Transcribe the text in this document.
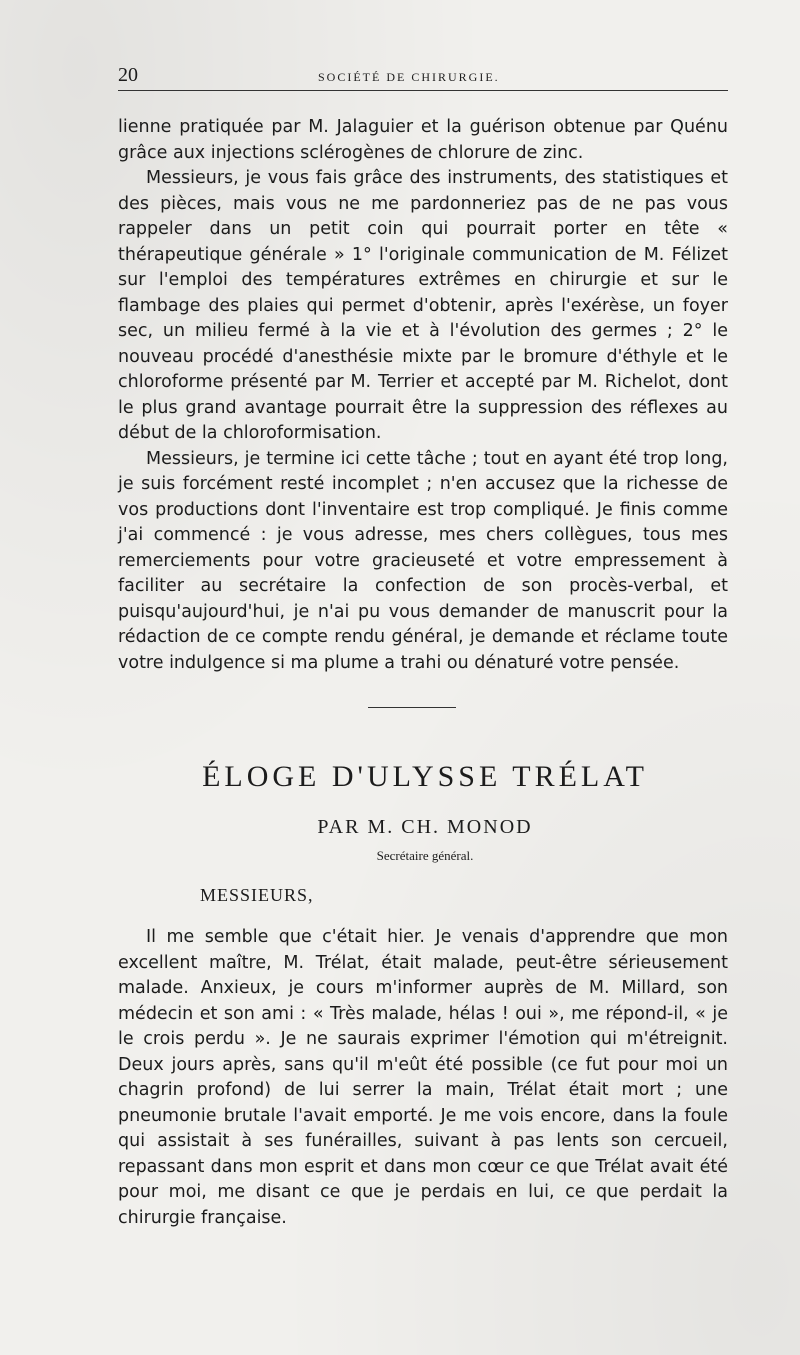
20	SOCIÉTÉ DE CHIRURGIE.

lienne pratiquée par M. Jalaguier et la guérison obtenue par Quénu grâce aux injections sclérogènes de chlorure de zinc.

Messieurs, je vous fais grâce des instruments, des statistiques et des pièces, mais vous ne me pardonneriez pas de ne pas vous rappeler dans un petit coin qui pourrait porter en tête « thérapeutique générale » 1° l'originale communication de M. Félizet sur l'emploi des températures extrêmes en chirurgie et sur le flambage des plaies qui permet d'obtenir, après l'exérèse, un foyer sec, un milieu fermé à la vie et à l'évolution des germes ; 2° le nouveau procédé d'anesthésie mixte par le bromure d'éthyle et le chloroforme présenté par M. Terrier et accepté par M. Richelot, dont le plus grand avantage pourrait être la suppression des réflexes au début de la chloroformisation.

Messieurs, je termine ici cette tâche ; tout en ayant été trop long, je suis forcément resté incomplet ; n'en accusez que la richesse de vos productions dont l'inventaire est trop compliqué. Je finis comme j'ai commencé : je vous adresse, mes chers collègues, tous mes remerciements pour votre gracieuseté et votre empressement à faciliter au secrétaire la confection de son procès-verbal, et puisqu'aujourd'hui, je n'ai pu vous demander de manuscrit pour la rédaction de ce compte rendu général, je demande et réclame toute votre indulgence si ma plume a trahi ou dénaturé votre pensée.

ÉLOGE D'ULYSSE TRÉLAT
PAR M. CH. MONOD
Secrétaire général.
MESSIEURS,

Il me semble que c'était hier. Je venais d'apprendre que mon excellent maître, M. Trélat, était malade, peut-être sérieusement malade. Anxieux, je cours m'informer auprès de M. Millard, son médecin et son ami : « Très malade, hélas ! oui », me répond-il, « je le crois perdu ». Je ne saurais exprimer l'émotion qui m'étreignit. Deux jours après, sans qu'il m'eût été possible (ce fut pour moi un chagrin profond) de lui serrer la main, Trélat était mort ; une pneumonie brutale l'avait emporté. Je me vois encore, dans la foule qui assistait à ses funérailles, suivant à pas lents son cercueil, repassant dans mon esprit et dans mon cœur ce que Trélat avait été pour moi, me disant ce que je perdais en lui, ce que perdait la chirurgie française.
